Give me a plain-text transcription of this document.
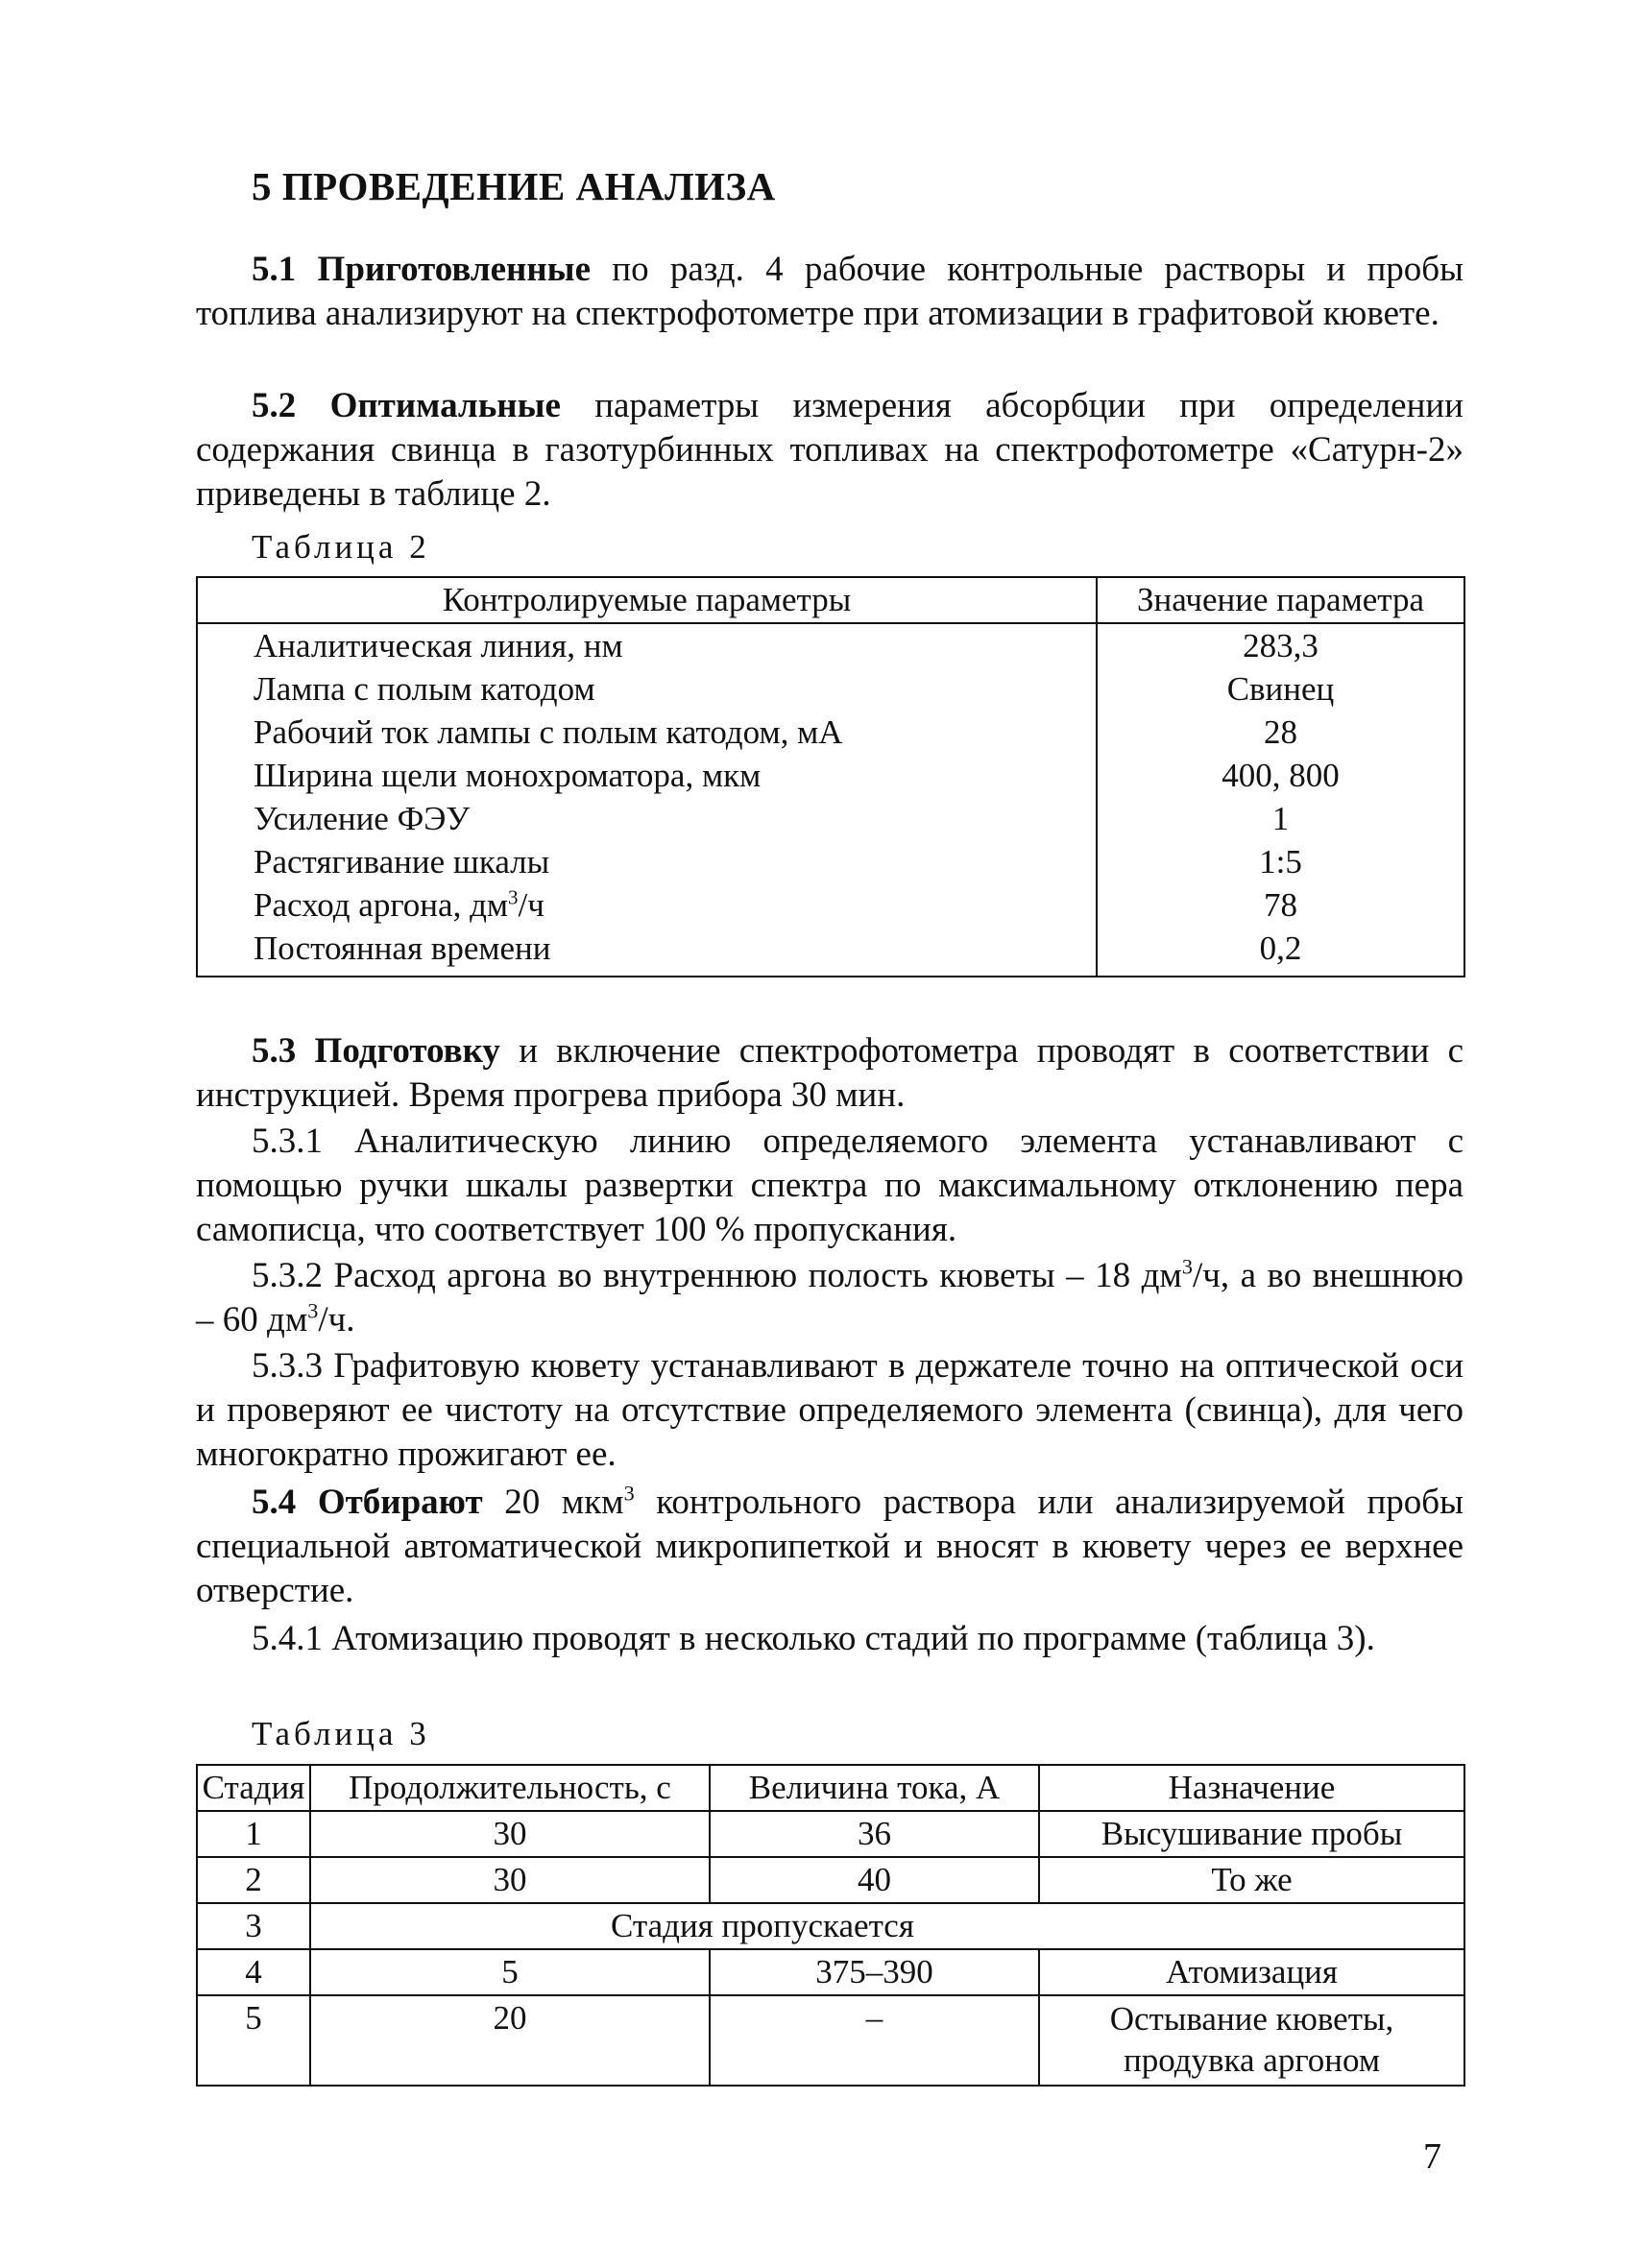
5 ПРОВЕДЕНИЕ АНАЛИЗА

5.1 Приготовленные по разд. 4 рабочие контрольные растворы и пробы топлива анализируют на спектрофотометре при атомизации в графитовой кювете.

5.2 Оптимальные параметры измерения абсорбции при определении содержания свинца в газотурбинных топливах на спектрофотометре «Сатурн-2» приведены в таблице 2.

Таблица 2

Контролируемые параметры	Значение параметра
Аналитическая линия, нм	283,3
Лампа с полым катодом	Свинец
Рабочий ток лампы с полым катодом, мА	28
Ширина щели монохроматора, мкм	400, 800
Усиление ФЭУ	1
Растягивание шкалы	1:5
Расход аргона, $дм^3/ч$	78
Постоянная времени	0,2

5.3 Подготовку и включение спектрофотометра проводят в соответствии с инструкцией. Время прогрева прибора 30 мин.

5.3.1 Аналитическую линию определяемого элемента устанавливают с помощью ручки шкалы развертки спектра по максимальному отклонению пера самописца, что соответствует 100 % пропускания.

5.3.2 Расход аргона во внутреннюю полость кюветы – 18 $дм^3/ч$, а во внешнюю – 60 $дм^3/ч$.

5.3.3 Графитовую кювету устанавливают в держателе точно на оптической оси и проверяют ее чистоту на отсутствие определяемого элемента (свинца), для чего многократно прожигают ее.

5.4 Отбирают 20 мкм$^3$ контрольного раствора или анализируемой пробы специальной автоматической микропипеткой и вносят в кювету через ее верхнее отверстие.

5.4.1 Атомизацию проводят в несколько стадий по программе (таблица 3).

Таблица 3

Стадия	Продолжительность, с	Величина тока, А	Назначение
1	30	36	Высушивание пробы
2	30	40	То же
3	Стадия пропускается		
4	5	375–390	Атомизация
5	20	–	Остывание кюветы,
продувка аргоном

7
